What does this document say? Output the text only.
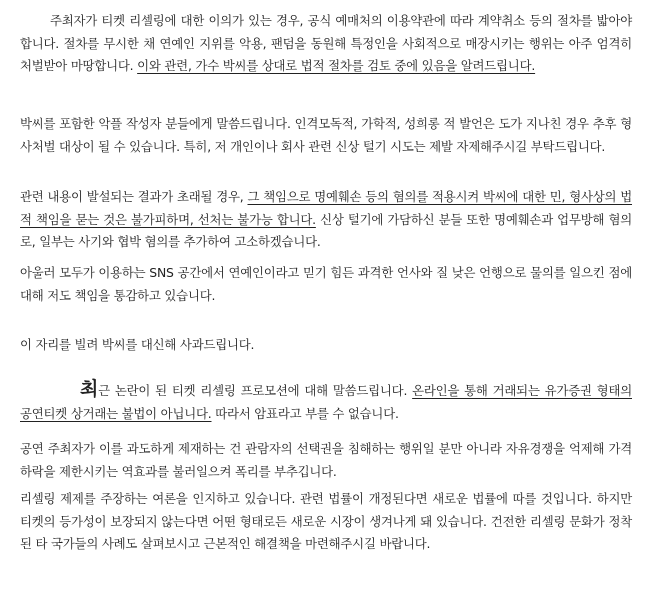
주최자가 티켓 리셀링에 대한 이의가 있는 경우, 공식 예매처의 이용약관에 따라 계약취소 등의 절차를 밟아야 합니다. 절차를 무시한 채 연예인 지위를 악용, 팬덤을 동원해 특정인을 사회적으로 매장시키는 행위는 아주 엄격히 처벌받아 마땅합니다. 이와 관련, 가수 박씨를 상대로 법적 절차를 검토 중에 있음을 알려드립니다.

박씨를 포함한 악플 작성자 분들에게 말씀드립니다. 인격모독적, 가학적, 성희롱 적 발언은 도가 지나친 경우 추후 형사처벌 대상이 될 수 있습니다. 특히, 저 개인이나 회사 관련 신상 털기 시도는 제발 자제해주시길 부탁드립니다.

관련 내용이 발설되는 결과가 초래될 경우, 그 책임으로 명예훼손 등의 혐의를 적용시켜 박씨에 대한 민, 형사상의 법적 책임을 묻는 것은 불가피하며, 선처는 불가능 합니다. 신상 털기에 가담하신 분들 또한 명예훼손과 업무방해 혐의로, 일부는 사기와 협박 혐의를 추가하여 고소하겠습니다.

아울러 모두가 이용하는 SNS 공간에서 연예인이라고 믿기 힘든 과격한 언사와 질 낮은 언행으로 물의를 일으킨 점에 대해 저도 책임을 통감하고 있습니다.

이 자리를 빌려 박씨를 대신해 사과드립니다.

최근 논란이 된 티켓 리셀링 프로모션에 대해 말씀드립니다. 온라인을 통해 거래되는 유가증권 형태의 공연티켓 상거래는 불법이 아닙니다. 따라서 암표라고 부를 수 없습니다.

공연 주최자가 이를 과도하게 제재하는 건 관람자의 선택권을 침해하는 행위일 분만 아니라 자유경쟁을 억제해 가격 하락을 제한시키는 역효과를 불러일으켜 폭리를 부추깁니다.

리셀링 제제를 주장하는 여론을 인지하고 있습니다. 관련 법률이 개정된다면 새로운 법률에 따를 것입니다. 하지만 티켓의 등가성이 보장되지 않는다면 어떤 형태로든 새로운 시장이 생겨나게 돼 있습니다. 건전한 리셀링 문화가 정착된 타 국가들의 사례도 살펴보시고 근본적인 해결책을 마련해주시길 바랍니다.
